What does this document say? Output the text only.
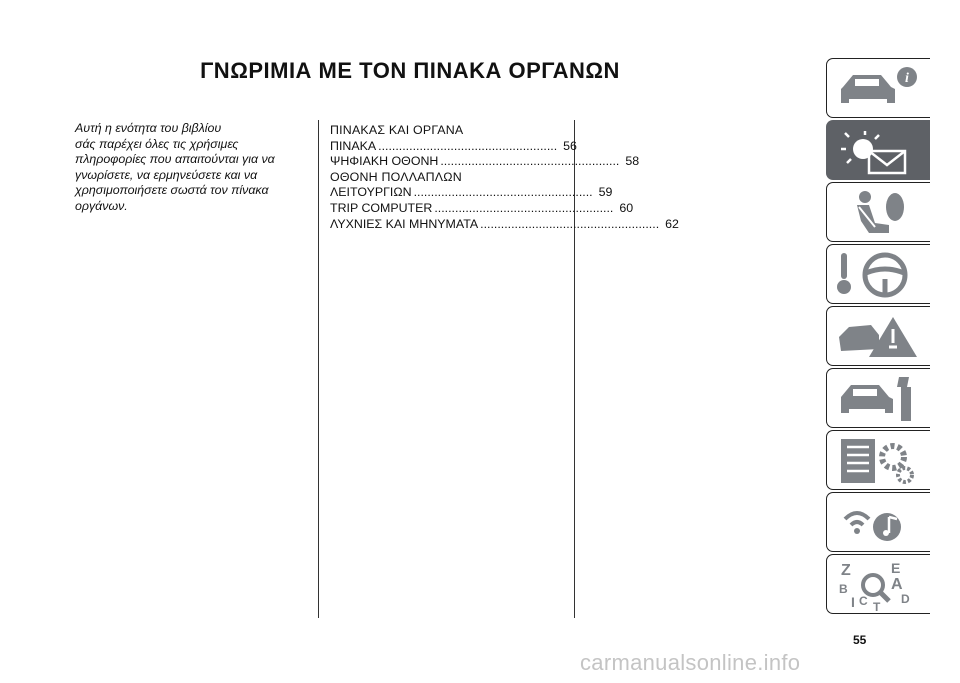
ΓΝΩΡΙΜΙΑ ΜΕ ΤΟΝ ΠΙΝΑΚΑ ΟΡΓΑΝΩΝ
Αυτή η ενότητα του βιβλίου
σάς παρέχει όλες τις χρήσιμες
πληροφορίες που απαιτούνται για να
γνωρίσετε, να ερμηνεύσετε και να
χρησιμοποιήσετε σωστά τον πίνακα
οργάνων.
ΠΙΝΑΚΑΣ ΚΑΙ ΟΡΓΑΝΑ
ΠΙΝΑΚΑ .................................................... 56
ΨΗΦΙΑΚΗ ΟΘΟΝΗ .................................................... 58
ΟΘΟΝΗ ΠΟΛΛΑΠΛΩΝ
ΛΕΙΤΟΥΡΓΙΩΝ .................................................... 59
TRIP COMPUTER .................................................... 60
ΛΥΧΝΙΕΣ ΚΑΙ ΜΗΝΥΜΑΤΑ .................................................... 62
i
Z	E
B	A
I C T
D
55
carmanualsonline.info
